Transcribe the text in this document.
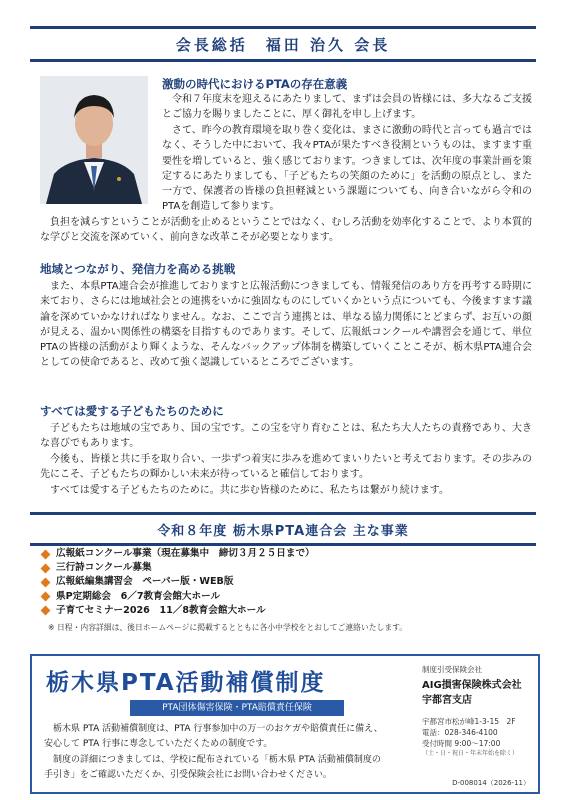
会長総括　福田 治久 会長
激動の時代におけるPTAの存在意義

令和７年度末を迎えるにあたりまして、まずは会員の皆様には、多大なるご支援とご協力を賜りましたことに、厚く御礼を申し上げます。

さて、昨今の教育環境を取り巻く変化は、まさに激動の時代と言っても過言ではなく、そうした中において、我々PTAが果たすべき役割というものは、ますます重要性を増していると、強く感じております。つきましては、次年度の事業計画を策定するにあたりましても、「子どもたちの笑顔のために」を活動の原点とし、また一方で、保護者の皆様の負担軽減という課題についても、向き合いながら令和のPTAを創造して参ります。

負担を減らすということが活動を止めるということではなく、むしろ活動を効率化することで、より本質的な学びと交流を深めていく、前向きな改革こそが必要となります。

地域とつながり、発信力を高める挑戦

また、本県PTA連合会が推進しておりますと広報活動につきましても、情報発信のあり方を再考する時期に来ており、さらには地域社会との連携をいかに強固なものにしていくかという点についても、今後ますます議論を深めていかなければなりません。なお、ここで言う連携とは、単なる協力関係にとどまらず、お互いの顔が見える、温かい関係性の構築を目指すものであります。そして、広報紙コンクールや講習会を通じて、単位PTAの皆様の活動がより輝くような、そんなバックアップ体制を構築していくことこそが、栃木県PTA連合会としての使命であると、改めて強く認識しているところでございます。

すべては愛する子どもたちのために

子どもたちは地域の宝であり、国の宝です。この宝を守り育むことは、私たち大人たちの責務であり、大きな喜びでもあります。

今後も、皆様と共に手を取り合い、一歩ずつ着実に歩みを進めてまいりたいと考えております。その歩みの先にこそ、子どもたちの輝かしい未来が待っていると確信しております。

すべては愛する子どもたちのために。共に歩む皆様のために、私たちは繋がり続けます。

令和８年度 栃木県PTA連合会 主な事業
広報紙コンクール事業（現在募集中　締切３月２５日まで）
三行詩コンクール募集
広報紙編集講習会　ペーパー版・WEB版
県P定期総会　6／7教育会館大ホール
子育てセミナー2026　11／8教育会館大ホール
※ 日程・内容詳細は、後日ホームページに掲載するとともに各小中学校をとおしてご連絡いたします。
栃木県PTA活動補償制度
PTA団体傷害保険・PTA賠償責任保険

栃木県 PTA 活動補償制度は、PTA 行事参加中の万一のおケガや賠償責任に備え、
安心して PTA 行事に専念していただくための制度です。

制度の詳細につきましては、学校に配布されている「栃木県 PTA 活動補償制度の
手引き」をご確認いただくか、引受保険会社にお問い合わせください。

制度引受保険会社
AIG損害保険株式会社
宇都宮支店
宇都宮市松が峰1-3-15　2F
電話：028-346-4100
受付時間 9:00～17:00
（土・日・祝日・年末年始を除く）
D-008014（2026-11）
